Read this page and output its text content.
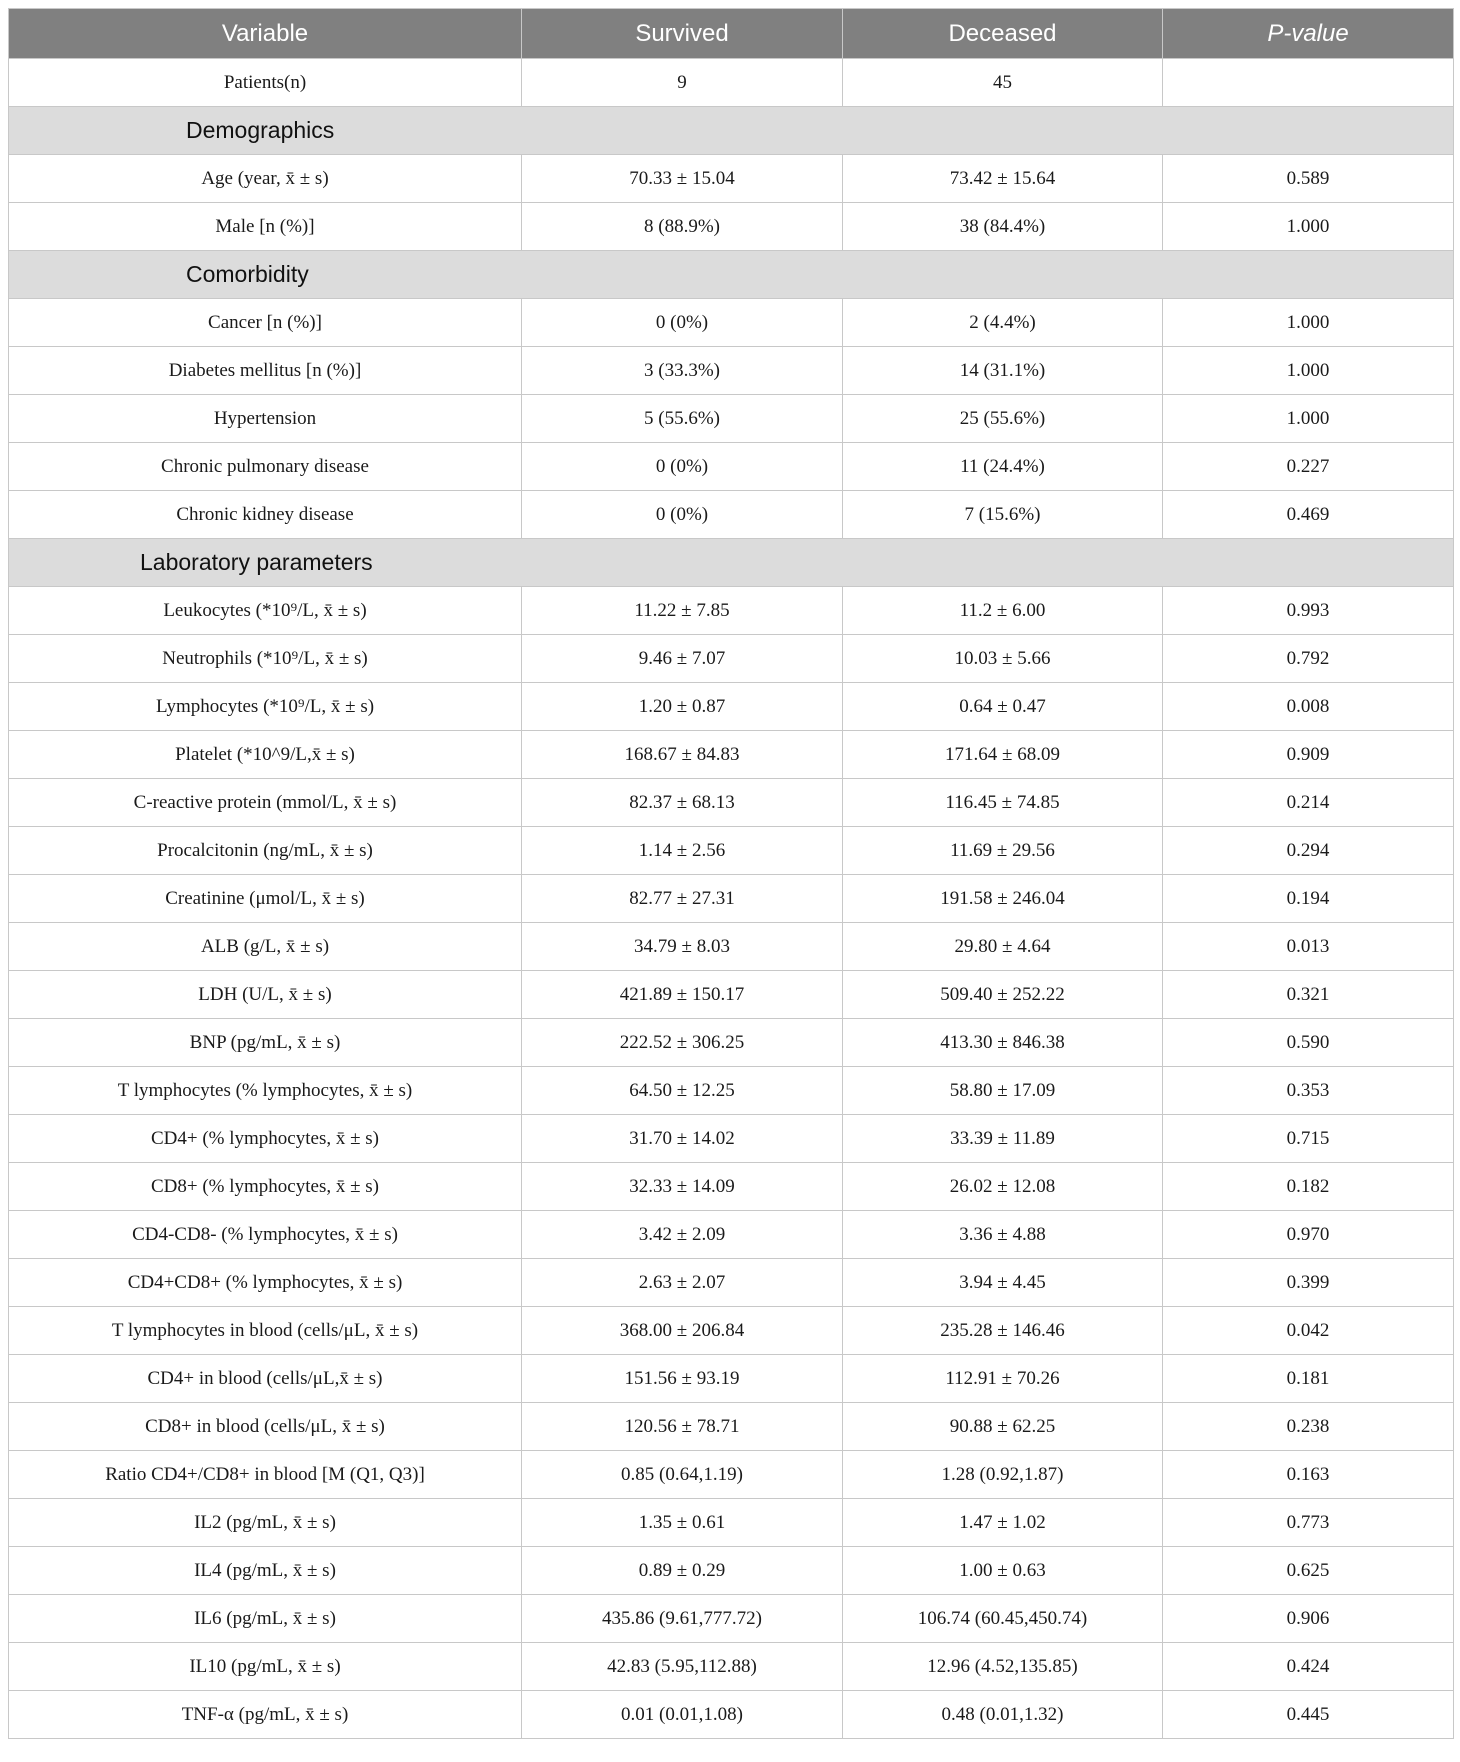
Variable	Survived	Deceased	P-value
Patients(n)	9	45	
Demographics			
Age (year, x̄ ± s)	70.33 ± 15.04	73.42 ± 15.64	0.589
Male [n (%)]	8 (88.9%)	38 (84.4%)	1.000
Comorbidity			
Cancer [n (%)]	0 (0%)	2 (4.4%)	1.000
Diabetes mellitus [n (%)]	3 (33.3%)	14 (31.1%)	1.000
Hypertension	5 (55.6%)	25 (55.6%)	1.000
Chronic pulmonary disease	0 (0%)	11 (24.4%)	0.227
Chronic kidney disease	0 (0%)	7 (15.6%)	0.469
Laboratory parameters			
Leukocytes (*10⁹/L, x̄ ± s)	11.22 ± 7.85	11.2 ± 6.00	0.993
Neutrophils (*10⁹/L, x̄ ± s)	9.46 ± 7.07	10.03 ± 5.66	0.792
Lymphocytes (*10⁹/L, x̄ ± s)	1.20 ± 0.87	0.64 ± 0.47	0.008
Platelet (*10^9/L,x̄ ± s)	168.67 ± 84.83	171.64 ± 68.09	0.909
C-reactive protein (mmol/L, x̄ ± s)	82.37 ± 68.13	116.45 ± 74.85	0.214
Procalcitonin (ng/mL, x̄ ± s)	1.14 ± 2.56	11.69 ± 29.56	0.294
Creatinine (μmol/L, x̄ ± s)	82.77 ± 27.31	191.58 ± 246.04	0.194
ALB (g/L, x̄ ± s)	34.79 ± 8.03	29.80 ± 4.64	0.013
LDH (U/L, x̄ ± s)	421.89 ± 150.17	509.40 ± 252.22	0.321
BNP (pg/mL, x̄ ± s)	222.52 ± 306.25	413.30 ± 846.38	0.590
T lymphocytes (% lymphocytes, x̄ ± s)	64.50 ± 12.25	58.80 ± 17.09	0.353
CD4+ (% lymphocytes, x̄ ± s)	31.70 ± 14.02	33.39 ± 11.89	0.715
CD8+ (% lymphocytes, x̄ ± s)	32.33 ± 14.09	26.02 ± 12.08	0.182
CD4-CD8- (% lymphocytes, x̄ ± s)	3.42 ± 2.09	3.36 ± 4.88	0.970
CD4+CD8+ (% lymphocytes, x̄ ± s)	2.63 ± 2.07	3.94 ± 4.45	0.399
T lymphocytes in blood (cells/μL, x̄ ± s)	368.00 ± 206.84	235.28 ± 146.46	0.042
CD4+ in blood (cells/μL,x̄ ± s)	151.56 ± 93.19	112.91 ± 70.26	0.181
CD8+ in blood (cells/μL, x̄ ± s)	120.56 ± 78.71	90.88 ± 62.25	0.238
Ratio CD4+/CD8+ in blood [M (Q1, Q3)]	0.85 (0.64,1.19)	1.28 (0.92,1.87)	0.163
IL2 (pg/mL, x̄ ± s)	1.35 ± 0.61	1.47 ± 1.02	0.773
IL4 (pg/mL, x̄ ± s)	0.89 ± 0.29	1.00 ± 0.63	0.625
IL6 (pg/mL, x̄ ± s)	435.86 (9.61,777.72)	106.74 (60.45,450.74)	0.906
IL10 (pg/mL, x̄ ± s)	42.83 (5.95,112.88)	12.96 (4.52,135.85)	0.424
TNF-α (pg/mL, x̄ ± s)	0.01 (0.01,1.08)	0.48 (0.01,1.32)	0.445
